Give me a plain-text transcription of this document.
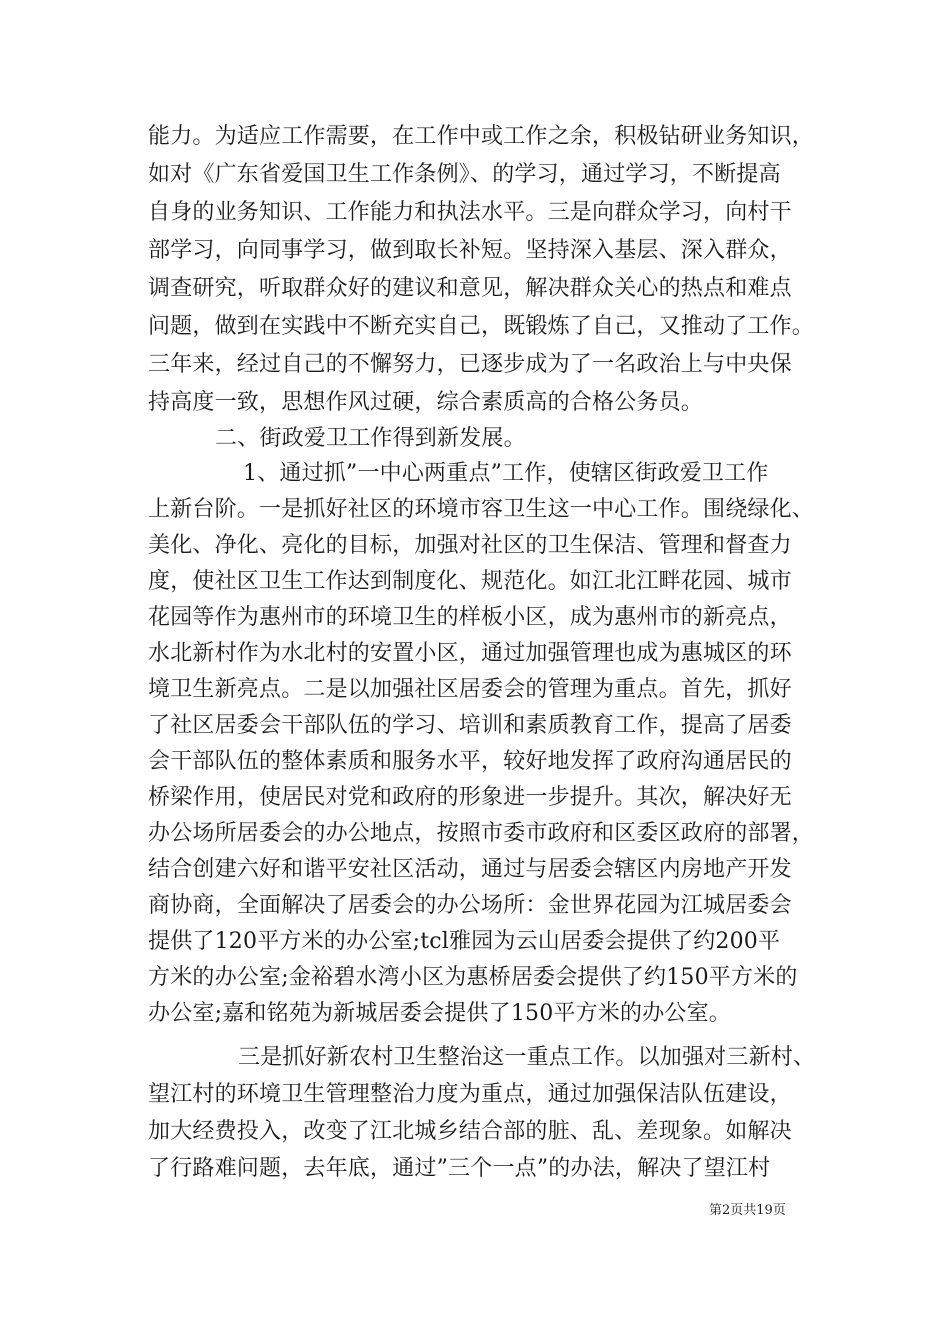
能力。为适应工作需要，在工作中或工作之余，积极钻研业务知识，
如对《广东省爱国卫生工作条例》、的学习，通过学习，不断提高
自身的业务知识、工作能力和执法水平。三是向群众学习，向村干
部学习，向同事学习，做到取长补短。坚持深入基层、深入群众，
调查研究，听取群众好的建议和意见，解决群众关心的热点和难点
问题，做到在实践中不断充实自己，既锻炼了自己，又推动了工作。
三年来，经过自己的不懈努力，已逐步成为了一名政治上与中央保
持高度一致，思想作风过硬，综合素质高的合格公务员。
二、街政爱卫工作得到新发展。
1、通过抓”一中心两重点”工作，使辖区街政爱卫工作
上新台阶。一是抓好社区的环境市容卫生这一中心工作。围绕绿化、
美化、净化、亮化的目标，加强对社区的卫生保洁、管理和督查力
度，使社区卫生工作达到制度化、规范化。如江北江畔花园、城市
花园等作为惠州市的环境卫生的样板小区，成为惠州市的新亮点，
水北新村作为水北村的安置小区，通过加强管理也成为惠城区的环
境卫生新亮点。二是以加强社区居委会的管理为重点。首先，抓好
了社区居委会干部队伍的学习、培训和素质教育工作，提高了居委
会干部队伍的整体素质和服务水平，较好地发挥了政府沟通居民的
桥梁作用，使居民对党和政府的形象进一步提升。其次，解决好无
办公场所居委会的办公地点，按照市委市政府和区委区政府的部署，
结合创建六好和谐平安社区活动，通过与居委会辖区内房地产开发
商协商，全面解决了居委会的办公场所：金世界花园为江城居委会
提供了120平方米的办公室;tcl雅园为云山居委会提供了约200平
方米的办公室;金裕碧水湾小区为惠桥居委会提供了约150平方米的
办公室;嘉和铭苑为新城居委会提供了150平方米的办公室。
三是抓好新农村卫生整治这一重点工作。以加强对三新村、
望江村的环境卫生管理整治力度为重点，通过加强保洁队伍建设，
加大经费投入，改变了江北城乡结合部的脏、乱、差现象。如解决
了行路难问题，去年底，通过”三个一点”的办法，解决了望江村
第2页共19页
